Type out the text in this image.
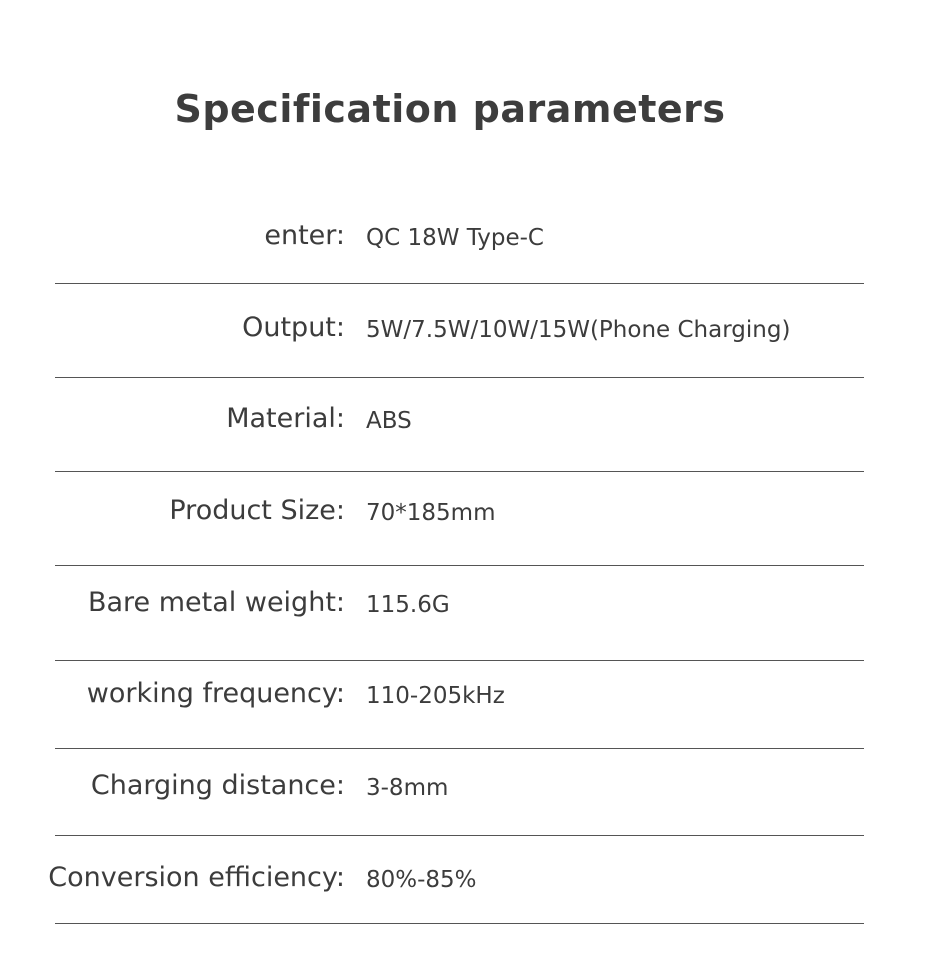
Specification parameters
enter: QC 18W Type-C
Output: 5W/7.5W/10W/15W(Phone Charging)
Material: ABS
Product Size: 70*185mm
Bare metal weight: 115.6G
working frequency: 110-205kHz
Charging distance: 3-8mm
Conversion efficiency: 80%-85%
